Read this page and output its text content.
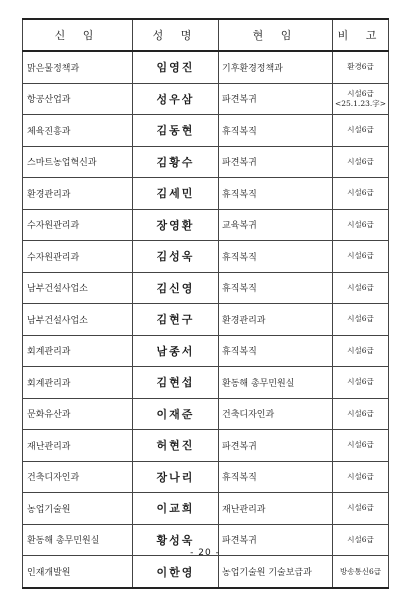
신 임	성 명	현 임	비 고
맑은물정책과	임영진	기후환경정책과	환경6급

항공산업과	성우삼	파견복귀	시설6급
<25.1.23.字>

체육진흥과	김동현	휴직복직	시설6급

스마트농업혁신과	김황수	파견복귀	시설6급

환경관리과	김세민	휴직복직	시설6급

수자원관리과	장영환	교육복귀	시설6급

수자원관리과	김성욱	휴직복직	시설6급

남부건설사업소	김신영	휴직복직	시설6급

남부건설사업소	김현구	환경관리과	시설6급

회계관리과	남종서	휴직복직	시설6급

회계관리과	김현섭	환동해 총무민원실	시설6급

문화유산과	이재준	건축디자인과	시설6급

재난관리과	허현진	파견복귀	시설6급

건축디자인과	장나리	휴직복직	시설6급

농업기술원	이교희	재난관리과	시설6급

환동해 총무민원실	황성욱	파견복귀	시설6급

인재개발원	이한영	농업기술원 기술보급과	방송통신6급
- 20 -
